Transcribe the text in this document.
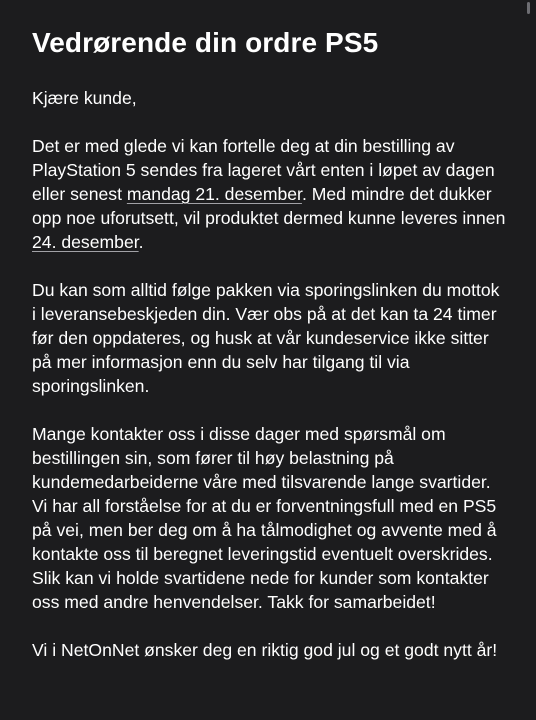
Vedrørende din ordre PS5

Kjære kunde,

Det er med glede vi kan fortelle deg at din bestilling av PlayStation 5 sendes fra lageret vårt enten i løpet av dagen eller senest mandag 21. desember. Med mindre det dukker opp noe uforutsett, vil produktet dermed kunne leveres innen 24. desember.

Du kan som alltid følge pakken via sporingslinken du mottok i leveransebeskjeden din. Vær obs på at det kan ta 24 timer før den oppdateres, og husk at vår kundeservice ikke sitter på mer informasjon enn du selv har tilgang til via sporingslinken.

Mange kontakter oss i disse dager med spørsmål om bestillingen sin, som fører til høy belastning på kundemedarbeiderne våre med tilsvarende lange svartider. Vi har all forståelse for at du er forventningsfull med en PS5 på vei, men ber deg om å ha tålmodighet og avvente med å kontakte oss til beregnet leveringstid eventuelt overskrides. Slik kan vi holde svartidene nede for kunder som kontakter oss med andre henvendelser. Takk for samarbeidet!

Vi i NetOnNet ønsker deg en riktig god jul og et godt nytt år!
